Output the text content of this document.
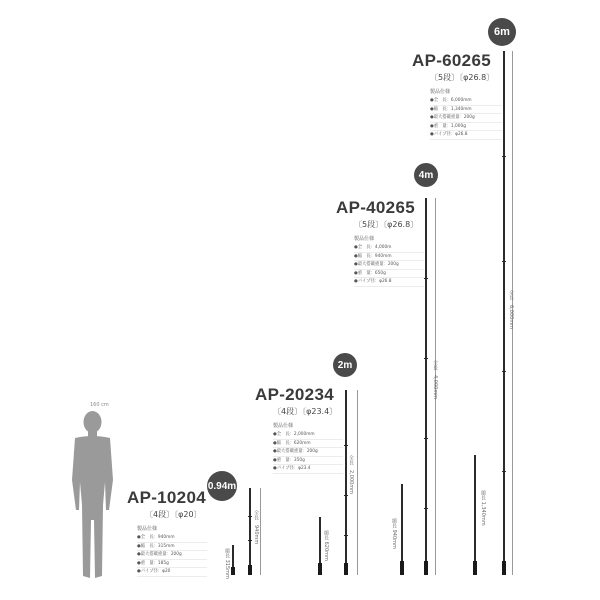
160 cm
AP-10204
〔4段〕〔φ20〕
製品仕様
●全　長：940mm
●縮　長：315mm
●最大搭載重量：200g
●重　量：185g
●パイプ径：φ20
0.94m
縮長 315mm
全長　940mm
AP-20234
〔4段〕〔φ23.4〕
製品仕様
●全　長：2,000mm
●縮　長：620mm
●最大搭載重量：200g
●重　量：350g
●パイプ径：φ23.4
2m
縮長 620mm
全長　2,000mm
AP-40265
〔5段〕〔φ26.8〕
製品仕様
●全　長：4,000m
●縮　長：940mm
●最大搭載重量：200g
●重　量：650g
●パイプ径：φ26.8
4m
縮長 940mm
全長　4,000mm
AP-60265
〔5段〕〔φ26.8〕
製品仕様
●全　長：6,000mm
●縮　長：1,340mm
●最大搭載重量：200g
●重　量：1,000g
●パイプ径：φ26.8
6m
縮長 1,340mm
全長　6,000mm
